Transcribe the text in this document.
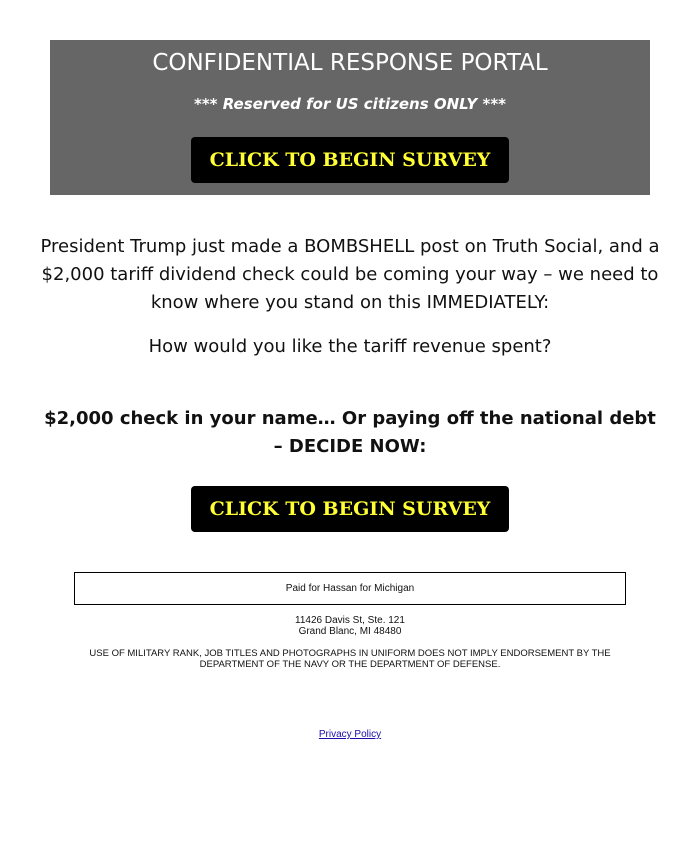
CONFIDENTIAL RESPONSE PORTAL
*** Reserved for US citizens ONLY ***
CLICK TO BEGIN SURVEY
President Trump just made a BOMBSHELL post on Truth Social, and a $2,000 tariff dividend check could be coming your way – we need to know where you stand on this IMMEDIATELY:
How would you like the tariff revenue spent?
$2,000 check in your name… Or paying off the national debt – DECIDE NOW:
CLICK TO BEGIN SURVEY
Paid for Hassan for Michigan
11426 Davis St, Ste. 121
Grand Blanc, MI 48480
USE OF MILITARY RANK, JOB TITLES AND PHOTOGRAPHS IN UNIFORM DOES NOT IMPLY ENDORSEMENT BY THE DEPARTMENT OF THE NAVY OR THE DEPARTMENT OF DEFENSE.
Privacy Policy
